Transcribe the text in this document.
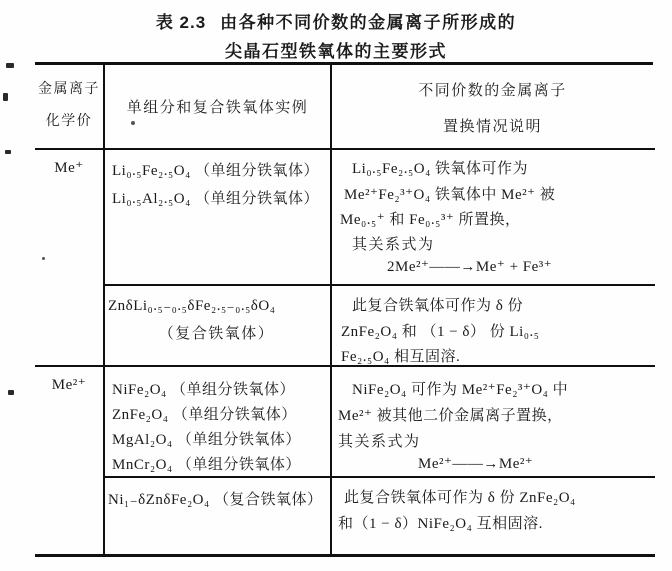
表 2.3 由各种不同价数的金属离子所形成的
尖晶石型铁氧体的主要形式
金属离子
化学价
单组分和复合铁氧体实例
不同价数的金属离子
置换情况说明
Me⁺	Li₀.₅Fe₂.₅O₄ （单组分铁氧体）
Li₀.₅Al₂.₅O₄ （单组分铁氧体）
Li₀.₅Fe₂.₅O₄ 铁氧体可作为
Me²⁺Fe₂³⁺O₄ 铁氧体中 Me²⁺ 被
Me₀.₅⁺ 和 Fe₀.₅³⁺ 所置换，
其关系式为
2Me²⁺——→Me⁺ + Fe³⁺
ZnδLi₀.₅₋₀.₅δFe₂.₅₋₀.₅δO₄
（复合铁氧体）
此复合铁氧体可作为 δ 份
ZnFe₂O₄ 和 （1 − δ） 份 Li₀.₅
Fe₂.₅O₄ 相互固溶.
Me²⁺	NiFe₂O₄ （单组分铁氧体）
ZnFe₂O₄ （单组分铁氧体）
MgAl₂O₄ （单组分铁氧体）
MnCr₂O₄ （单组分铁氧体）
NiFe₂O₄ 可作为 Me²⁺Fe₂³⁺O₄ 中
Me²⁺ 被其他二价金属离子置换，
其关系式为
Me²⁺——→Me²⁺
Ni₁₋δZnδFe₂O₄ （复合铁氧体） 此复合铁氧体可作为 δ 份 ZnFe₂O₄
和（1 − δ）NiFe₂O₄ 互相固溶.
